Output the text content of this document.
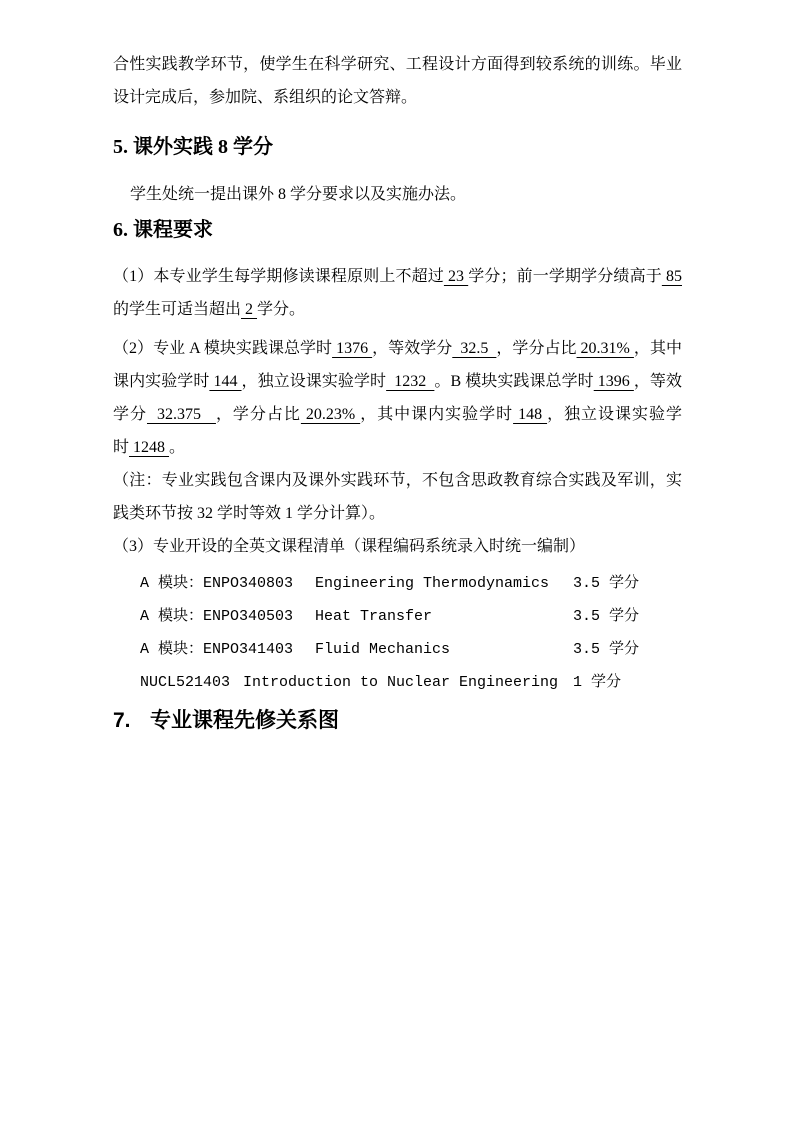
合性实践教学环节，使学生在科学研究、工程设计方面得到较系统的训练。毕业设计完成后，参加院、系组织的论文答辩。

5. 课外实践 8 学分

学生处统一提出课外 8 学分要求以及实施办法。

6. 课程要求

（1）本专业学生每学期修读课程原则上不超过 23 学分；前一学期学分绩高于 85的学生可适当超出 2 学分。

（2）专业 A 模块实践课总学时 1376 ，等效学分  32.5  ，学分占比 20.31% ，其中课内实验学时 144 ，独立设课实验学时  1232  。B 模块实践课总学时 1396 ，等效学分  32.375   ，学分占比 20.23% ，其中课内实验学时 148 ，独立设课实验学时 1248 。

（注：专业实践包含课内及课外实践环节，不包含思政教育综合实践及军训，实践类环节按 32 学时等效 1 学分计算）。

（3）专业开设的全英文课程清单（课程编码系统录入时统一编制）

A 模块：ENPO340803	Engineering Thermodynamics	3.5 学分
A 模块：ENPO340503	Heat Transfer	3.5 学分
A 模块：ENPO341403	Fluid Mechanics	3.5 学分
NUCL521403 Introduction to Nuclear Engineering 1 学分
7. 专业课程先修关系图
